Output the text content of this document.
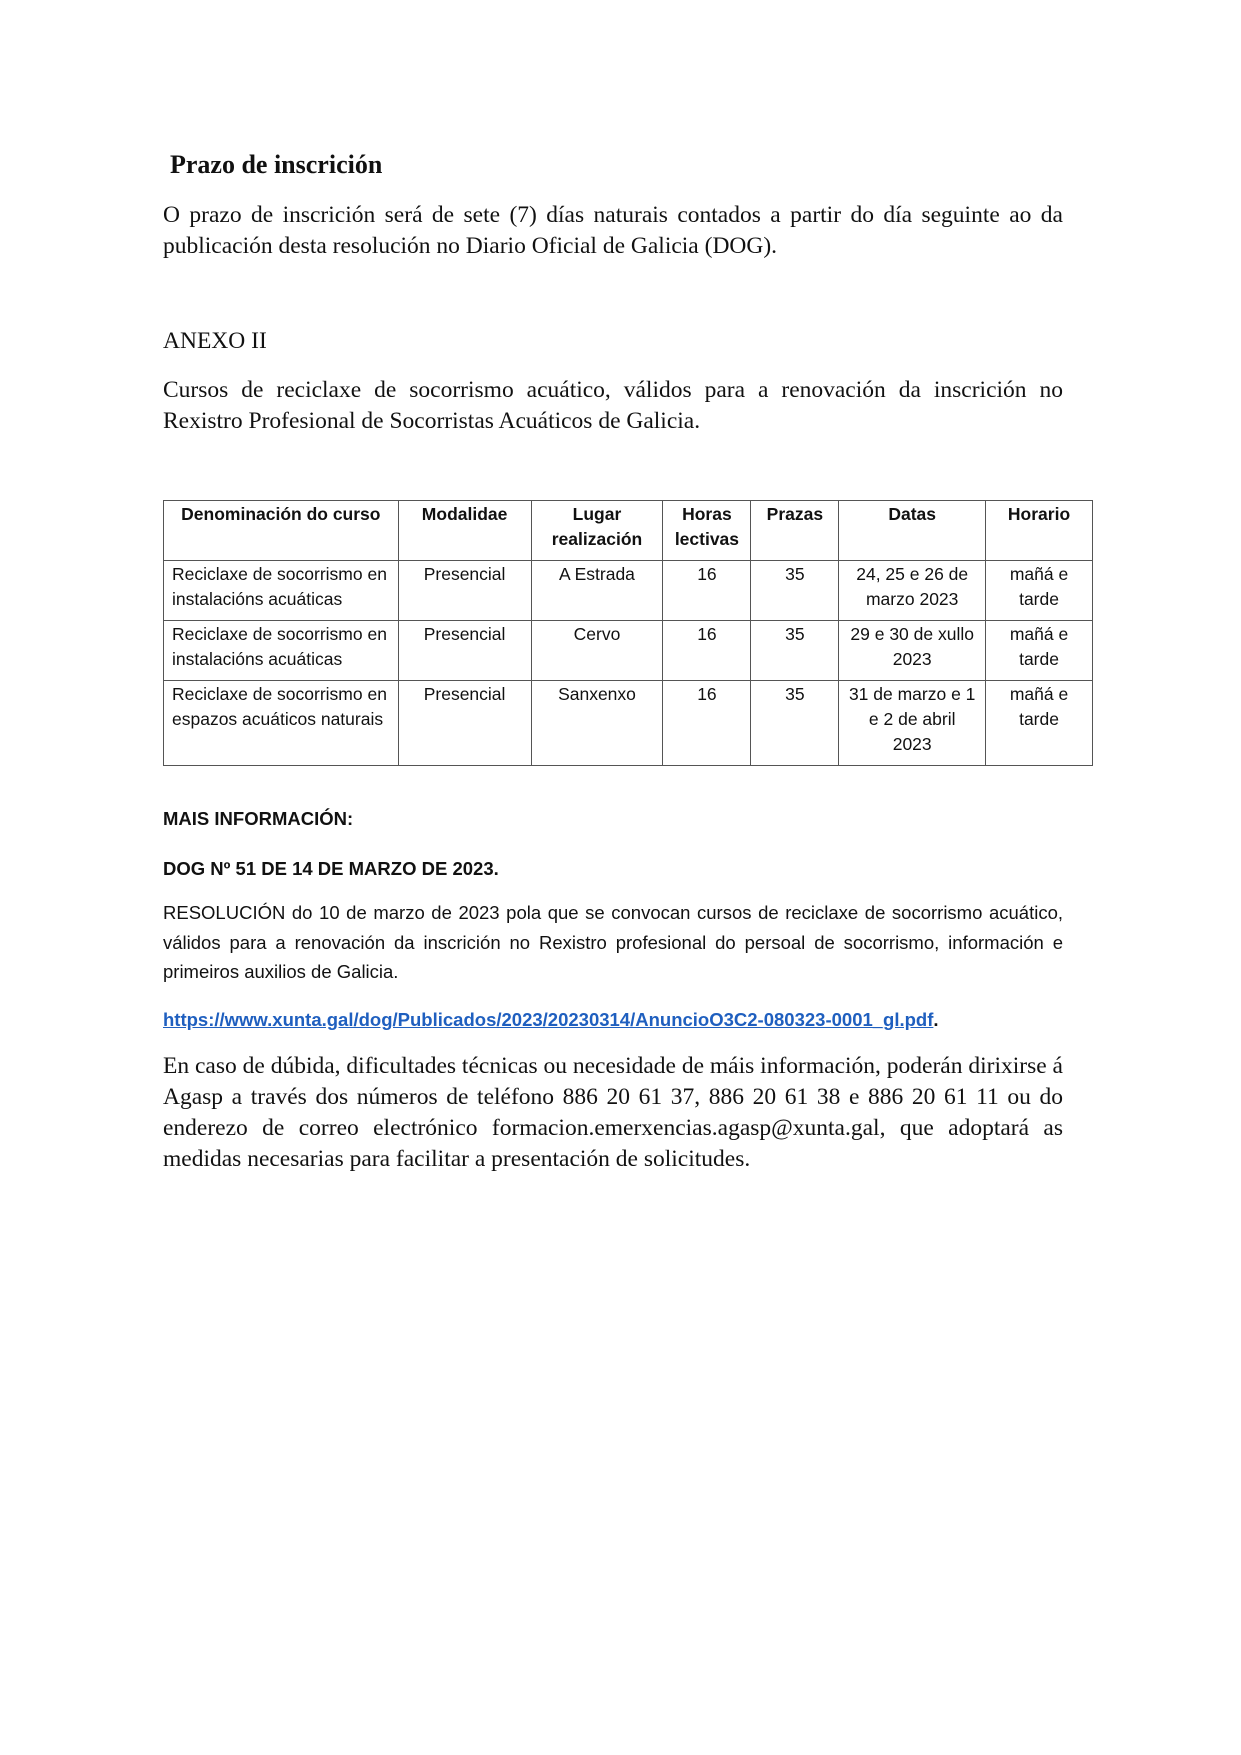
Prazo de inscrición

O prazo de inscrición será de sete (7) días naturais contados a partir do día seguinte ao da publicación desta resolución no Diario Oficial de Galicia (DOG).

ANEXO II

Cursos de reciclaxe de socorrismo acuático, válidos para a renovación da inscrición no Rexistro Profesional de Socorristas Acuáticos de Galicia.

Denominación do curso	Modalidae	Lugar realización	Horas lectivas	Prazas	Datas	Horario
Reciclaxe de socorrismo en instalacións acuáticas	Presencial	A Estrada	16	35	24, 25 e 26 de marzo 2023	mañá e tarde
Reciclaxe de socorrismo en instalacións acuáticas	Presencial	Cervo	16	35	29 e 30 de xullo 2023	mañá e tarde
Reciclaxe de socorrismo en espazos acuáticos naturais	Presencial	Sanxenxo	16	35	31 de marzo e 1 e 2 de abril 2023	mañá e tarde

MAIS INFORMACIÓN:

DOG Nº 51 DE 14 DE MARZO DE 2023.

RESOLUCIÓN do 10 de marzo de 2023 pola que se convocan cursos de reciclaxe de socorrismo acuático, válidos para a renovación da inscrición no Rexistro profesional do persoal de socorrismo, información e primeiros auxilios de Galicia.

https://www.xunta.gal/dog/Publicados/2023/20230314/AnuncioO3C2-080323-0001_gl.pdf.

En caso de dúbida, dificultades técnicas ou necesidade de máis información, poderán dirixirse á Agasp a través dos números de teléfono 886 20 61 37, 886 20 61 38 e 886 20 61 11 ou do enderezo de correo electrónico formacion.emerxencias.agasp@xunta.gal, que adoptará as medidas necesarias para facilitar a presentación de solicitudes.
